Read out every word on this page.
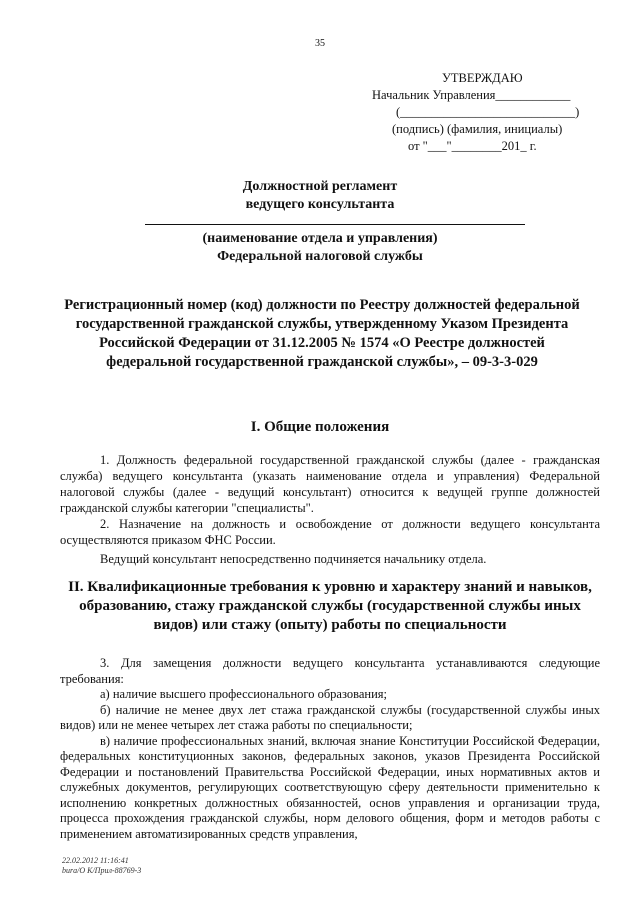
35
УТВЕРЖДАЮ
Начальник Управления____________
(____________________________)
(подпись) (фамилия, инициалы)
от "___"________201_ г.
Должностной регламент
ведущего консультанта
(наименование отдела и управления)
Федеральной налоговой службы
Регистрационный номер (код) должности по Реестру должностей федеральной государственной гражданской службы, утвержденному Указом Президента Российской Федерации от 31.12.2005 № 1574 «О Реестре должностей федеральной государственной гражданской службы», – 09-3-3-029
I. Общие положения

1. Должность федеральной государственной гражданской службы (далее - гражданская служба) ведущего консультанта (указать наименование отдела и управления) Федеральной налоговой службы (далее - ведущий консультант) относится к ведущей группе должностей гражданской службы категории "специалисты".

2. Назначение на должность и освобождение от должности ведущего консультанта осуществляются приказом ФНС России.

Ведущий консультант непосредственно подчиняется начальнику отдела.

II. Квалификационные требования к уровню и характеру знаний и навыков, образованию, стажу гражданской службы (государственной службы иных видов) или стажу (опыту) работы по специальности

3. Для замещения должности ведущего консультанта устанавливаются следующие требования:

а) наличие высшего профессионального образования;

б) наличие не менее двух лет стажа гражданской службы (государственной службы иных видов) или не менее четырех лет стажа работы по специальности;

в) наличие профессиональных знаний, включая знание Конституции Российской Федерации, федеральных конституционных законов, федеральных законов, указов Президента Российской Федерации и постановлений Правительства Российской Федерации, иных нормативных актов и служебных документов, регулирующих соответствующую сферу деятельности применительно к исполнению конкретных должностных обязанностей, основ управления и организации труда, процесса прохождения гражданской службы, норм делового общения, форм и методов работы с применением автоматизированных средств управления,

22.02.2012 11:16:41
bura/O K/Прил-88769-3
